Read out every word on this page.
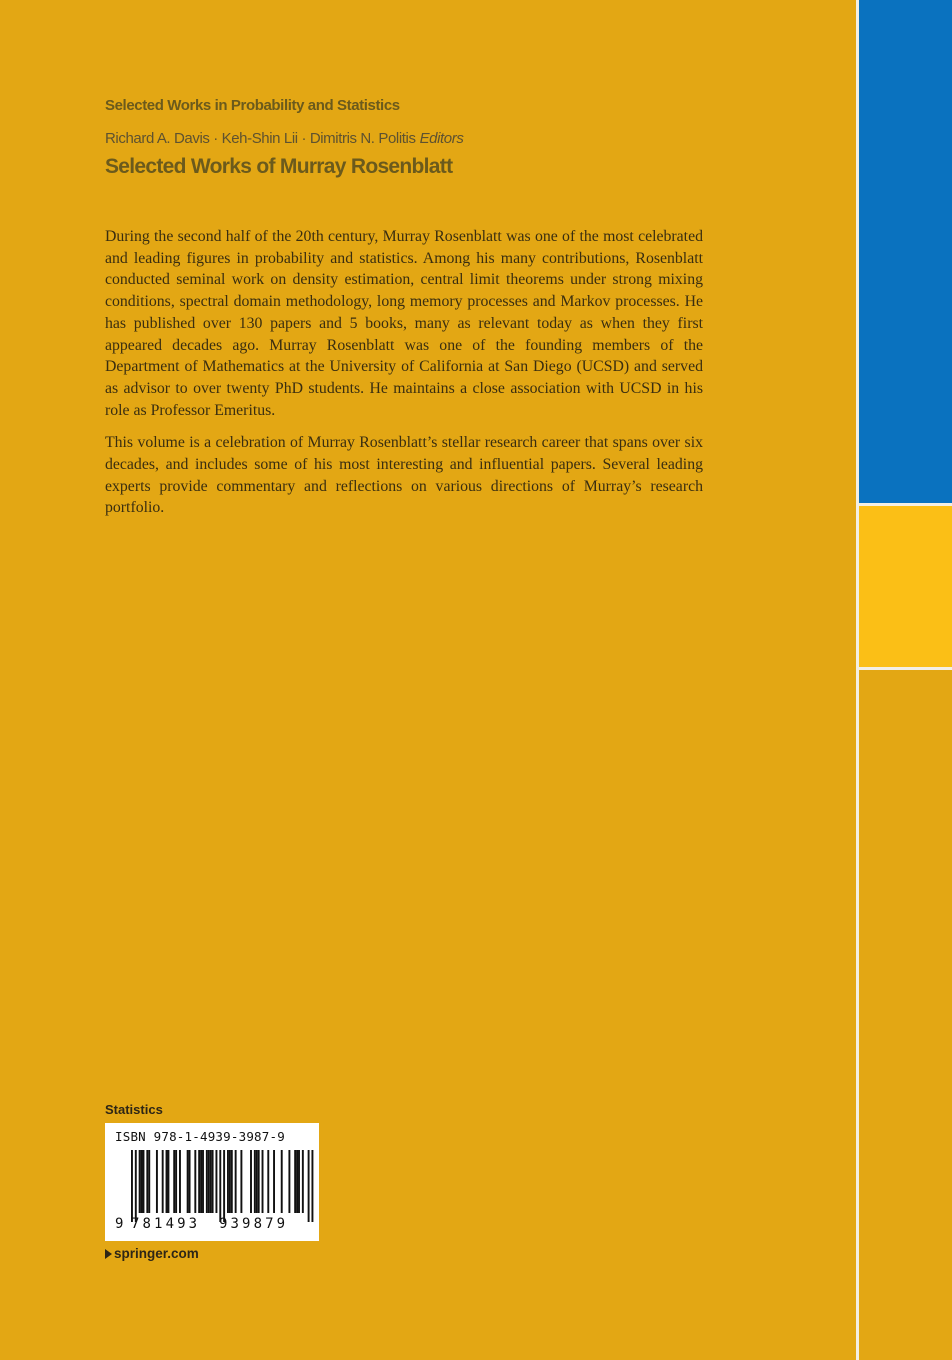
Selected Works in Probability and Statistics
Richard A. Davis · Keh-Shin Lii · Dimitris N. Politis Editors
Selected Works of Murray Rosenblatt

During the second half of the 20th century, Murray Rosenblatt was one of the most celebrated and leading figures in probability and statistics. Among his many contributions, Rosenblatt conducted seminal work on density estimation, central limit theorems under strong mixing conditions, spectral domain methodology, long memory processes and Markov processes. He has published over 130 papers and 5 books, many as relevant today as when they first appeared decades ago. Murray Rosenblatt was one of the founding members of the Department of Mathematics at the University of California at San Diego (UCSD) and served as advisor to over twenty PhD students. He maintains a close association with UCSD in his role as Professor Emeritus.

This volume is a celebration of Murray Rosenblatt’s stellar research career that spans over six decades, and includes some of his most interesting and influential papers. Several leading experts provide commentary and reflections on various directions of Murray’s research portfolio.

Statistics
ISBN 978-1-4939-3987-9
9 781493 939879
springer.com
